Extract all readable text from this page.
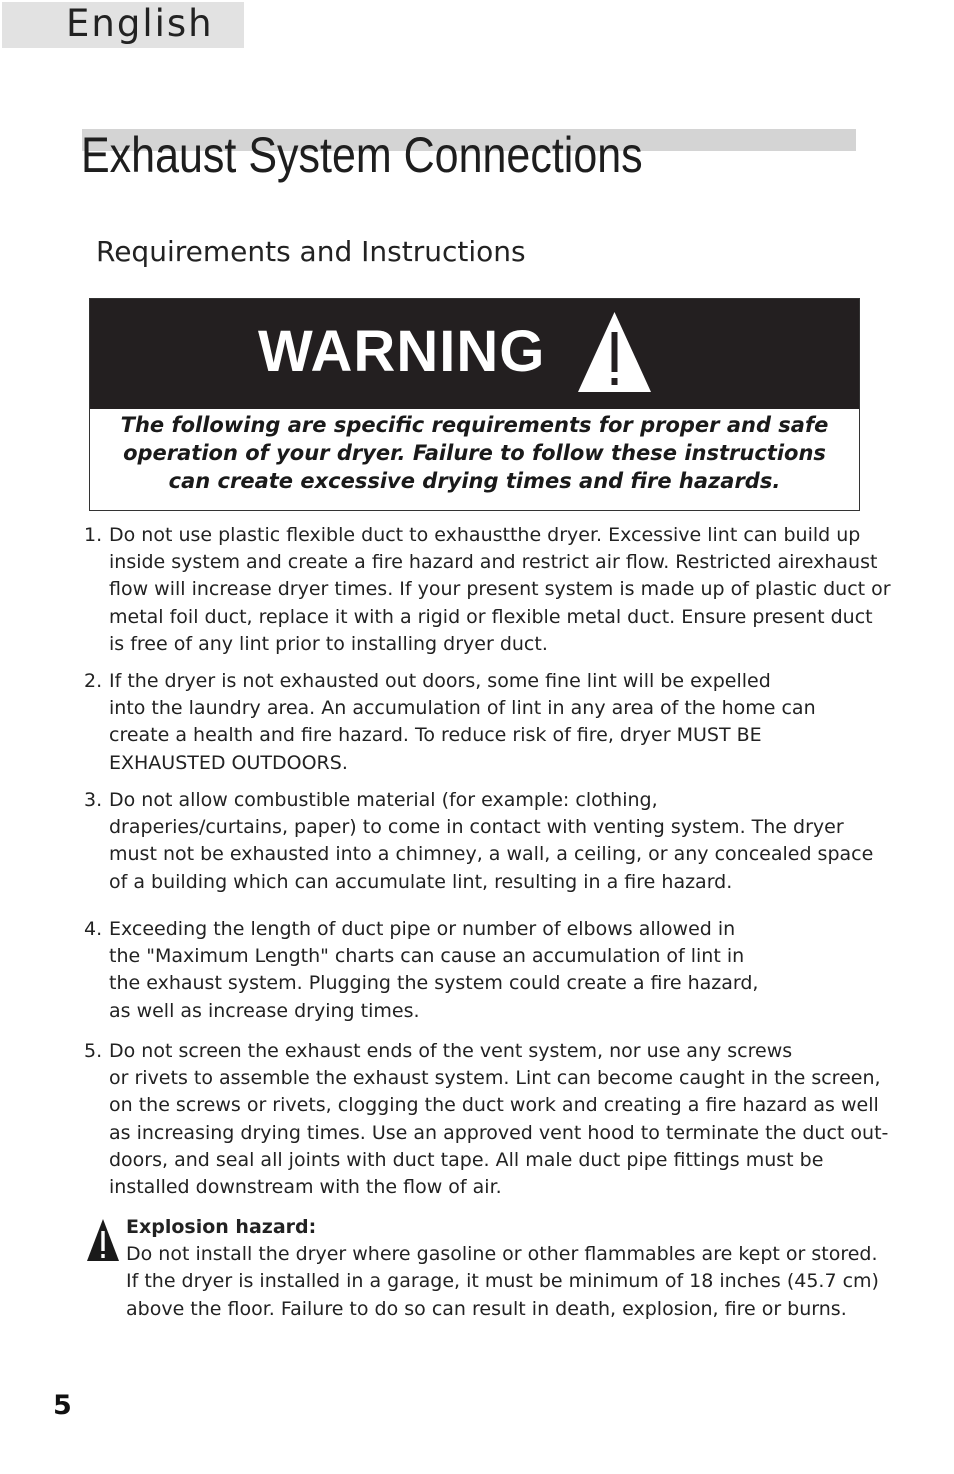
English
Exhaust System Connections
Requirements and Instructions
WARNING
The following are specific requirements for proper and safe
operation of your dryer. Failure to follow these instructions
can create excessive drying times and fire hazards.
1. Do not use plastic flexible duct to exhaustthe dryer. Excessive lint can build up
inside system and create a fire hazard and restrict air flow. Restricted airexhaust
flow will increase dryer times. If your present system is made up of plastic duct or
metal foil duct, replace it with a rigid or flexible metal duct. Ensure present duct
is free of any lint prior to installing dryer duct.
2. If the dryer is not exhausted out doors, some fine lint will be expelled
into the laundry area. An accumulation of lint in any area of the home can
create a health and fire hazard. To reduce risk of fire, dryer MUST BE
EXHAUSTED OUTDOORS.
3. Do not allow combustible material (for example: clothing,
draperies/curtains, paper) to come in contact with venting system. The dryer
must not be exhausted into a chimney, a wall, a ceiling, or any concealed space
of a building which can accumulate lint, resulting in a fire hazard.
4. Exceeding the length of duct pipe or number of elbows allowed in
the "Maximum Length" charts can cause an accumulation of lint in
the exhaust system. Plugging the system could create a fire hazard,
as well as increase drying times.
5. Do not screen the exhaust ends of the vent system, nor use any screws
or rivets to assemble the exhaust system. Lint can become caught in the screen,
on the screws or rivets, clogging the duct work and creating a fire hazard as well
as increasing drying times. Use an approved vent hood to terminate the duct out-
doors, and seal all joints with duct tape. All male duct pipe fittings must be
installed downstream with the flow of air.
Explosion hazard:
Do not install the dryer where gasoline or other flammables are kept or stored.
If the dryer is installed in a garage, it must be minimum of 18 inches (45.7 cm)
above the floor. Failure to do so can result in death, explosion, fire or burns.
5
